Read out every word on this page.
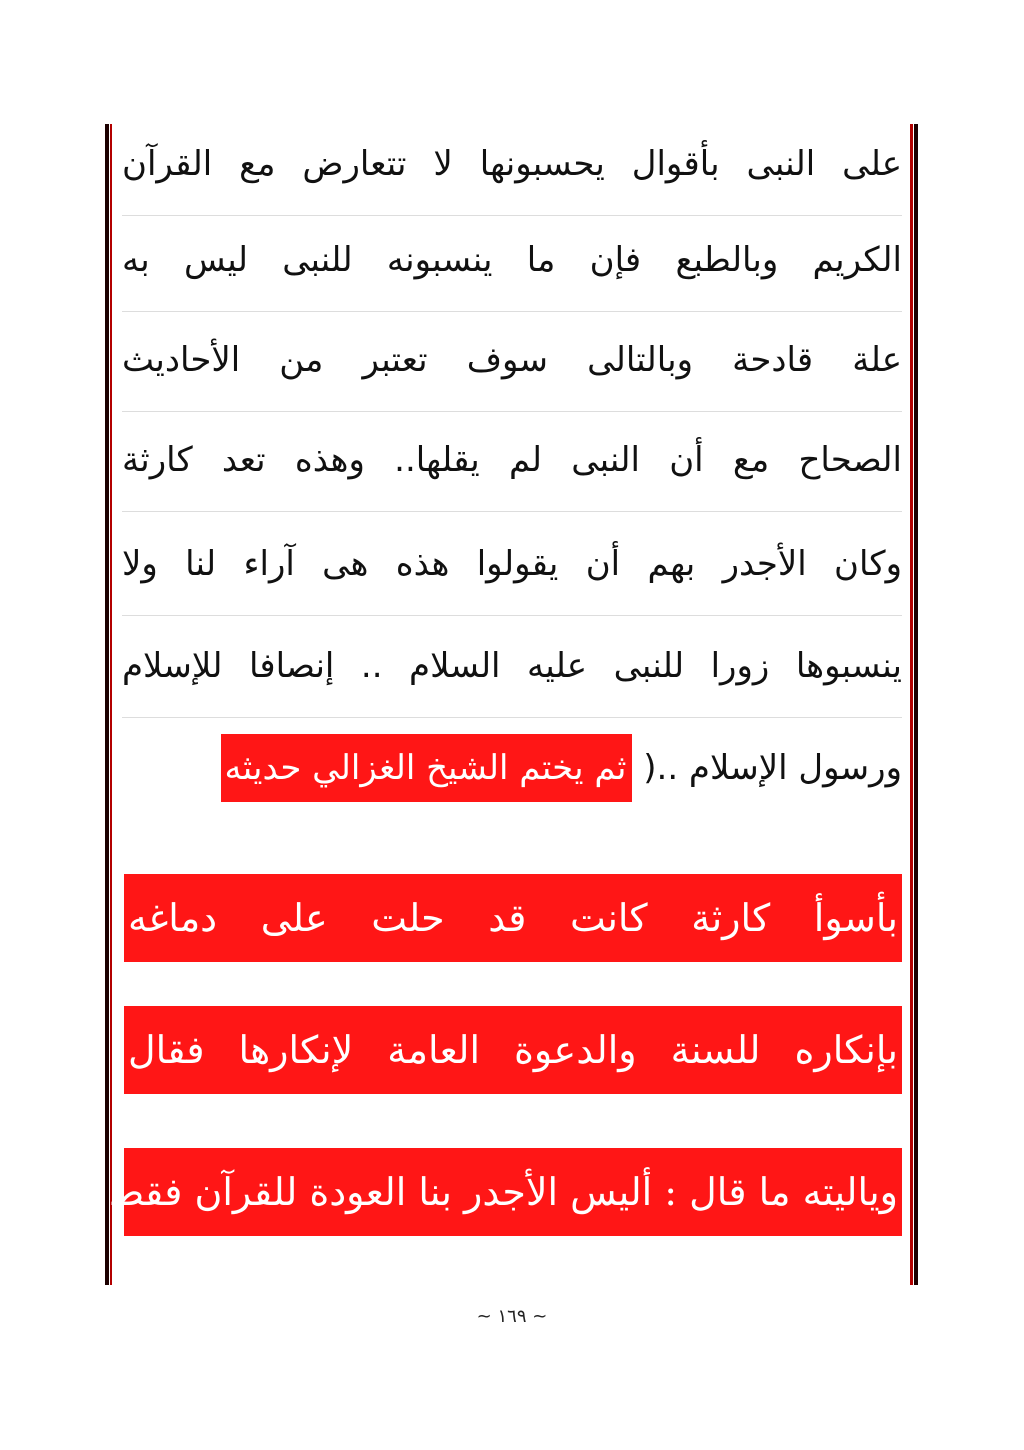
على النبى بأقوال يحسبونها لا تتعارض مع القرآن
الكريم وبالطبع فإن ما ينسبونه للنبى ليس به
علة قادحة وبالتالى سوف تعتبر من الأحاديث
الصحاح مع أن النبى لم يقلها.. وهذه تعد كارثة
وكان الأجدر بهم أن يقولوا هذه هى آراء لنا ولا
ينسبوها زورا للنبى عليه السلام .. إنصافا للإسلام
ورسول الإسلام ..( ثم يختم الشيخ الغزالي حديثه
بأسوأ كارثة كانت قد حلت على دماغه
بإنكاره للسنة والدعوة العامة لإنكارها فقال
وياليته ما قال : أليس الأجدر بنا العودة للقرآن فقط
~ ١٦٩ ~
